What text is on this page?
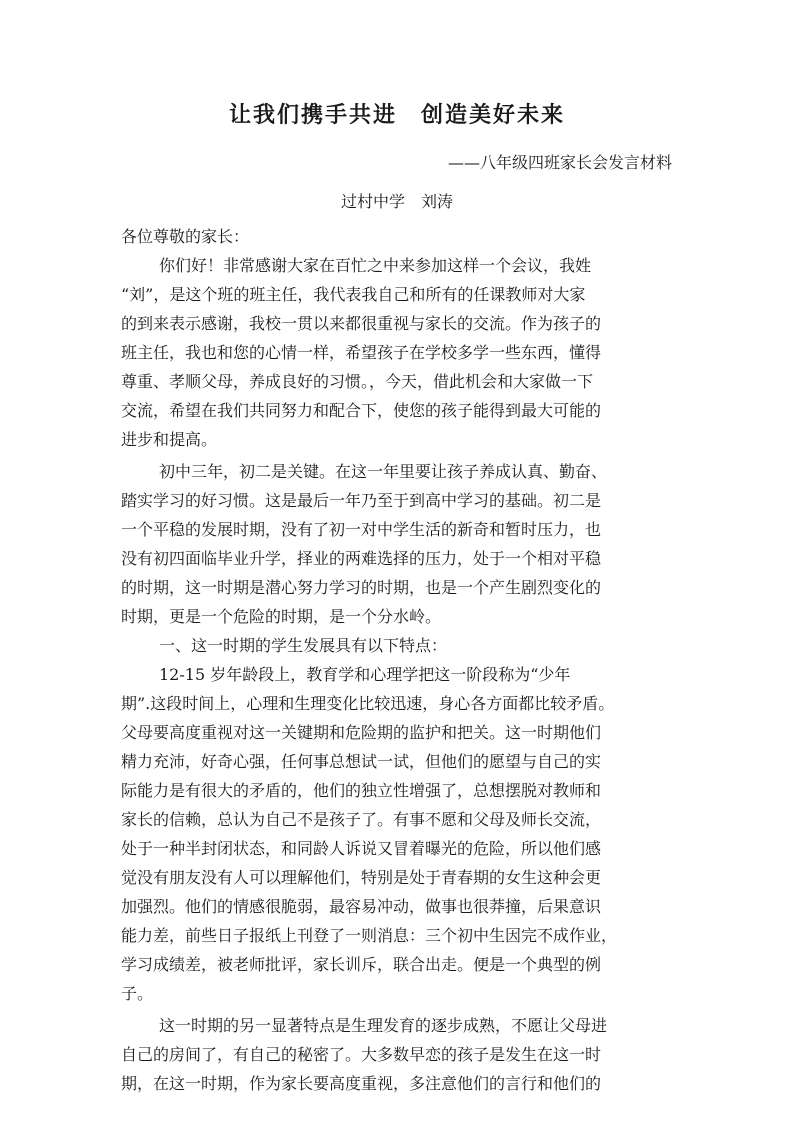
让我们携手共进　创造美好未来
——八年级四班家长会发言材料
过村中学　刘涛
各位尊敬的家长：
你们好！非常感谢大家在百忙之中来参加这样一个会议，我姓
“刘”，是这个班的班主任，我代表我自己和所有的任课教师对大家
的到来表示感谢，我校一贯以来都很重视与家长的交流。作为孩子的
班主任，我也和您的心情一样，希望孩子在学校多学一些东西，懂得
尊重、孝顺父母，养成良好的习惯。，今天，借此机会和大家做一下
交流，希望在我们共同努力和配合下，使您的孩子能得到最大可能的
进步和提高。
初中三年，初二是关键。在这一年里要让孩子养成认真、勤奋、
踏实学习的好习惯。这是最后一年乃至于到高中学习的基础。初二是
一个平稳的发展时期，没有了初一对中学生活的新奇和暂时压力，也
没有初四面临毕业升学，择业的两难选择的压力，处于一个相对平稳
的时期，这一时期是潜心努力学习的时期，也是一个产生剧烈变化的
时期，更是一个危险的时期，是一个分水岭。
一、这一时期的学生发展具有以下特点：
12-15 岁年龄段上，教育学和心理学把这一阶段称为“少年
期”.这段时间上，心理和生理变化比较迅速，身心各方面都比较矛盾。
父母要高度重视对这一关键期和危险期的监护和把关。这一时期他们
精力充沛，好奇心强，任何事总想试一试，但他们的愿望与自己的实
际能力是有很大的矛盾的，他们的独立性增强了，总想摆脱对教师和
家长的信赖，总认为自己不是孩子了。有事不愿和父母及师长交流，
处于一种半封闭状态，和同龄人诉说又冒着曝光的危险，所以他们感
觉没有朋友没有人可以理解他们，特别是处于青春期的女生这种会更
加强烈。他们的情感很脆弱，最容易冲动，做事也很莽撞，后果意识
能力差，前些日子报纸上刊登了一则消息：三个初中生因完不成作业，
学习成绩差，被老师批评，家长训斥，联合出走。便是一个典型的例
子。
这一时期的另一显著特点是生理发育的逐步成熟，不愿让父母进
自己的房间了，有自己的秘密了。大多数早恋的孩子是发生在这一时
期，在这一时期，作为家长要高度重视，多注意他们的言行和他们的
